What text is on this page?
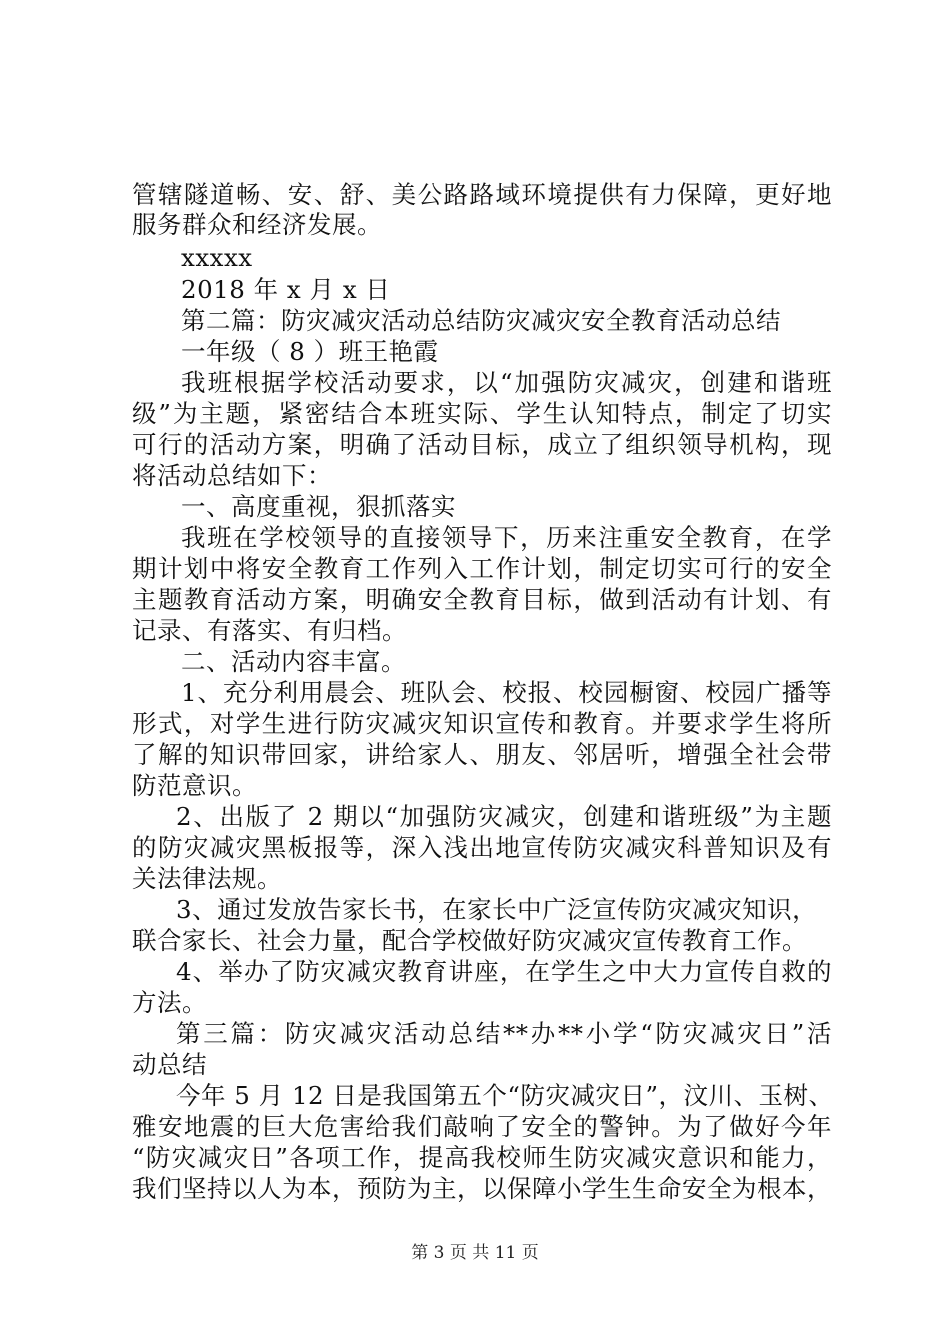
管辖隧道畅、安、舒、美公路路域环境提供有力保障，更好地
服务群众和经济发展。
xxxxx
2018 年 x 月 x 日
第二篇：防灾减灾活动总结防灾减灾安全教育活动总结
一年级（ 8 ）班王艳霞
我班根据学校活动要求，以“加强防灾减灾，创建和谐班
级”为主题，紧密结合本班实际、学生认知特点，制定了切实
可行的活动方案，明确了活动目标，成立了组织领导机构，现
将活动总结如下：
一、高度重视，狠抓落实
我班在学校领导的直接领导下，历来注重安全教育，在学
期计划中将安全教育工作列入工作计划，制定切实可行的安全
主题教育活动方案，明确安全教育目标，做到活动有计划、有
记录、有落实、有归档。
二、活动内容丰富。
1、充分利用晨会、班队会、校报、校园橱窗、校园广播等
形式，对学生进行防灾减灾知识宣传和教育。并要求学生将所
了解的知识带回家，讲给家人、朋友、邻居听，增强全社会带
防范意识。
2、出版了 2 期以“加强防灾减灾，创建和谐班级”为主题
的防灾减灾黑板报等，深入浅出地宣传防灾减灾科普知识及有
关法律法规。
3、通过发放告家长书，在家长中广泛宣传防灾减灾知识，
联合家长、社会力量，配合学校做好防灾减灾宣传教育工作。
4、举办了防灾减灾教育讲座，在学生之中大力宣传自救的
方法。
第三篇：防灾减灾活动总结**办**小学“防灾减灾日”活
动总结
今年 5 月 12 日是我国第五个“防灾减灾日”，汶川、玉树、
雅安地震的巨大危害给我们敲响了安全的警钟。为了做好今年
“防灾减灾日”各项工作，提高我校师生防灾减灾意识和能力，
我们坚持以人为本，预防为主，以保障小学生生命安全为根本，
第 3 页 共 11 页
